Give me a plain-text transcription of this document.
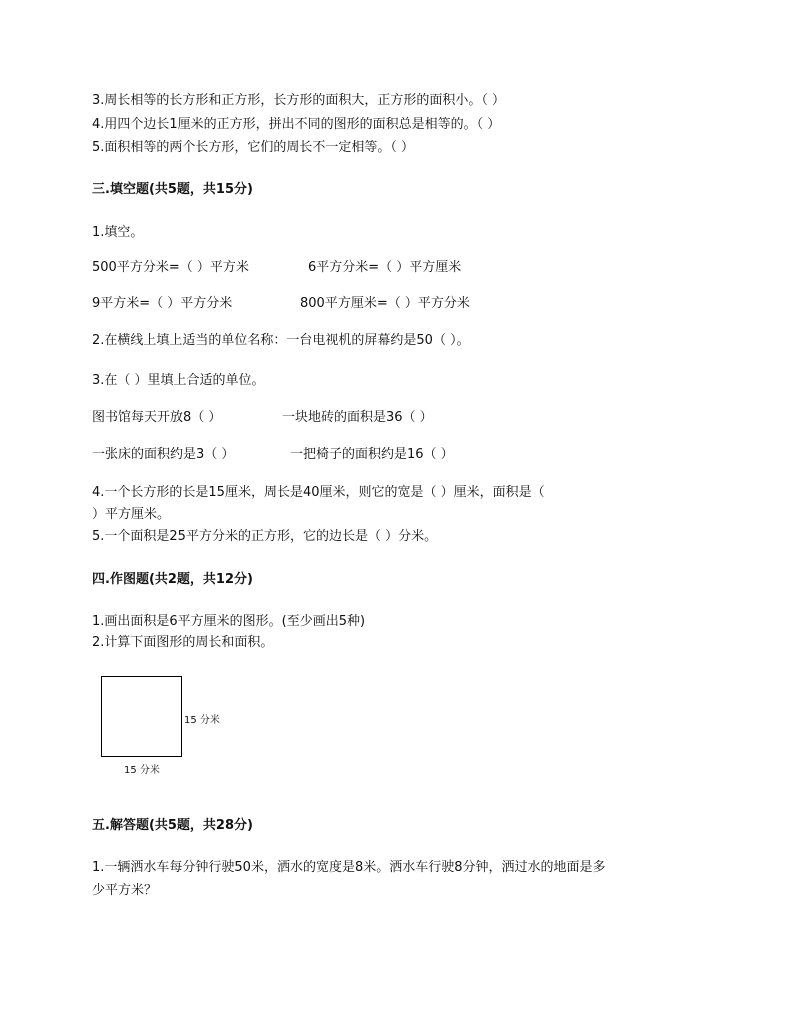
3.周长相等的长方形和正方形，长方形的面积大，正方形的面积小。（ ）
4.用四个边长1厘米的正方形，拼出不同的图形的面积总是相等的。（ ）
5.面积相等的两个长方形，它们的周长不一定相等。（ ）
三.填空题(共5题，共15分)
1.填空。
500平方分米=（ ）平方米	6平方分米=（ ）平方厘米
9平方米=（ ）平方分米	800平方厘米=（ ）平方分米
2.在横线上填上适当的单位名称：一台电视机的屏幕约是50（ ）。
3.在（ ）里填上合适的单位。
图书馆每天开放8（ ）	一块地砖的面积是36（ ）
一张床的面积约是3（ ）	一把椅子的面积约是16（ ）
4.一个长方形的长是15厘米，周长是40厘米，则它的宽是（ ）厘米，面积是（
）平方厘米。
5.一个面积是25平方分米的正方形，它的边长是（ ）分米。
四.作图题(共2题，共12分)
1.画出面积是6平方厘米的图形。(至少画出5种)
2.计算下面图形的周长和面积。
15 分米
15 分米
五.解答题(共5题，共28分)
1.一辆洒水车每分钟行驶50米，洒水的宽度是8米。洒水车行驶8分钟，洒过水的地面是多
少平方米？
